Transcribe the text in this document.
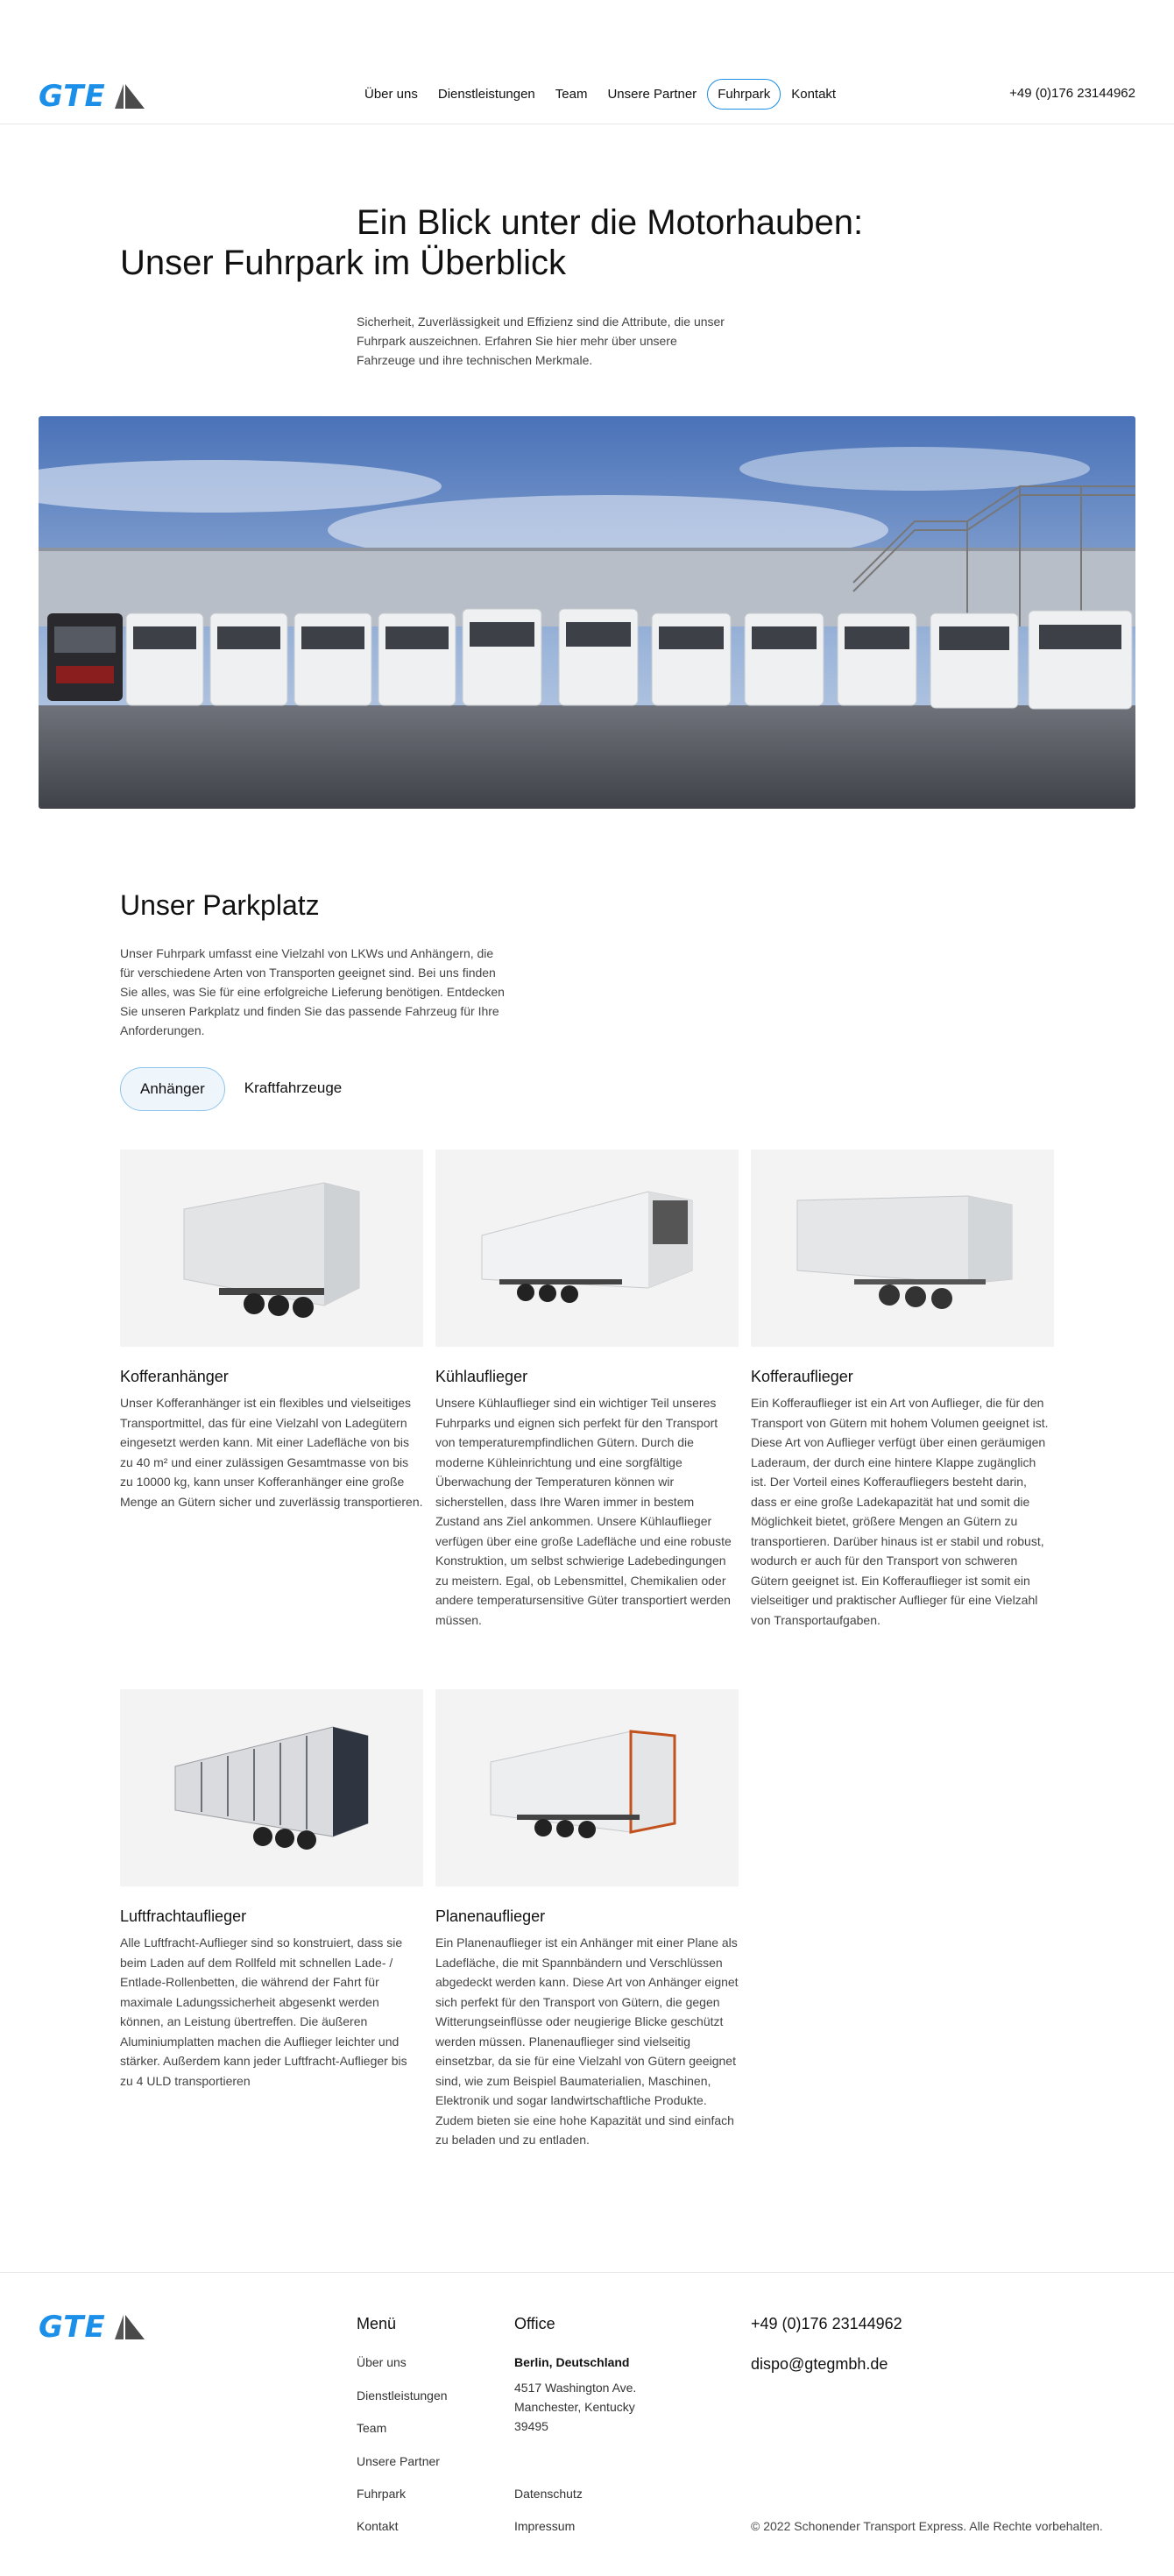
GTE	Über uns	Dienstleistungen	Team	Unsere Partner	Fuhrpark	Kontakt	+49 (0)176 23144962
Ein Blick unter die Motorhauben:
Unser Fuhrpark im Überblick

Sicherheit, Zuverlässigkeit und Effizienz sind die Attribute, die unser Fuhrpark auszeichnen. Erfahren Sie hier mehr über unsere Fahrzeuge und ihre technischen Merkmale.

Unser Parkplatz

Unser Fuhrpark umfasst eine Vielzahl von LKWs und Anhängern, die für verschiedene Arten von Transporten geeignet sind. Bei uns finden Sie alles, was Sie für eine erfolgreiche Lieferung benötigen. Entdecken Sie unseren Parkplatz und finden Sie das passende Fahrzeug für Ihre Anforderungen.

Anhänger	Kraftfahrzeuge
Kofferanhänger
Unser Kofferanhänger ist ein flexibles und vielseitiges Transportmittel, das für eine Vielzahl von Ladegütern eingesetzt werden kann. Mit einer Ladefläche von bis zu 40 m² und einer zulässigen Gesamtmasse von bis zu 10000 kg, kann unser Kofferanhänger eine große Menge an Gütern sicher und zuverlässig transportieren.
Kühlauflieger
Unsere Kühlauflieger sind ein wichtiger Teil unseres Fuhrparks und eignen sich perfekt für den Transport von temperaturempfindlichen Gütern. Durch die moderne Kühleinrichtung und eine sorgfältige Überwachung der Temperaturen können wir sicherstellen, dass Ihre Waren immer in bestem Zustand ans Ziel ankommen. Unsere Kühlauflieger verfügen über eine große Ladefläche und eine robuste Konstruktion, um selbst schwierige Ladebedingungen zu meistern. Egal, ob Lebensmittel, Chemikalien oder andere temperatursensitive Güter transportiert werden müssen.
Kofferauflieger
Ein Kofferauflieger ist ein Art von Auflieger, die für den Transport von Gütern mit hohem Volumen geeignet ist. Diese Art von Auflieger verfügt über einen geräumigen Laderaum, der durch eine hintere Klappe zugänglich ist. Der Vorteil eines Kofferaufliegers besteht darin, dass er eine große Ladekapazität hat und somit die Möglichkeit bietet, größere Mengen an Gütern zu transportieren. Darüber hinaus ist er stabil und robust, wodurch er auch für den Transport von schweren Gütern geeignet ist. Ein Kofferauflieger ist somit ein vielseitiger und praktischer Auflieger für eine Vielzahl von Transportaufgaben.
Luftfrachtauflieger
Alle Luftfracht-Auflieger sind so konstruiert, dass sie beim Laden auf dem Rollfeld mit schnellen Lade- / Entlade-Rollenbetten, die während der Fahrt für maximale Ladungssicherheit abgesenkt werden können, an Leistung übertreffen. Die äußeren Aluminiumplatten machen die Auflieger leichter und stärker. Außerdem kann jeder Luftfracht-Auflieger bis zu 4 ULD transportieren
Planenauflieger
Ein Planenauflieger ist ein Anhänger mit einer Plane als Ladefläche, die mit Spannbändern und Verschlüssen abgedeckt werden kann. Diese Art von Anhänger eignet sich perfekt für den Transport von Gütern, die gegen Witterungseinflüsse oder neugierige Blicke geschützt werden müssen. Planenauflieger sind vielseitig einsetzbar, da sie für eine Vielzahl von Gütern geeignet sind, wie zum Beispiel Baumaterialien, Maschinen, Elektronik und sogar landwirtschaftliche Produkte. Zudem bieten sie eine hohe Kapazität und sind einfach zu beladen und zu entladen.
GTE	Menü
Über uns
Dienstleistungen
Team
Unsere Partner
Fuhrpark
Kontakt
Office
Berlin, Deutschland
4517 Washington Ave.
Manchester, Kentucky
39495
Datenschutz
Impressum
+49 (0)176 23144962
dispo@gtegmbh.de
© 2022 Schonender Transport Express. Alle Rechte vorbehalten.
